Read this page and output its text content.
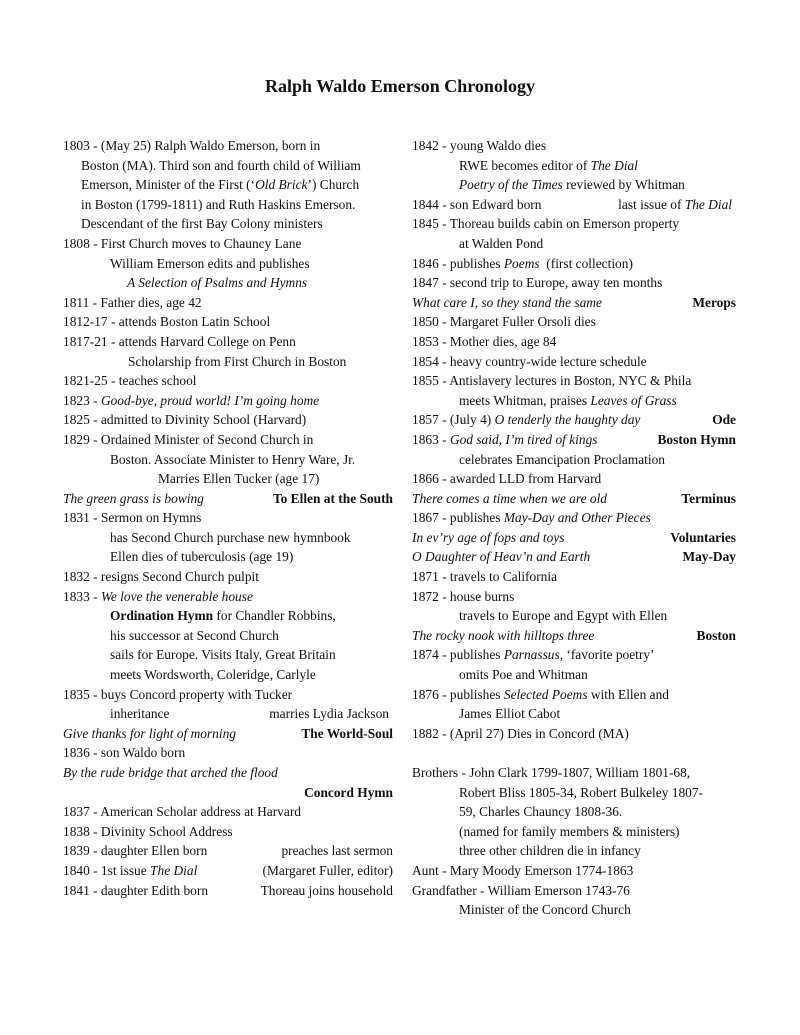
Ralph Waldo Emerson Chronology
1803 - (May 25) Ralph Waldo Emerson, born in
Boston (MA). Third son and fourth child of William
Emerson, Minister of the First (‘Old Brick’) Church
in Boston (1799-1811) and Ruth Haskins Emerson.
Descendant of the first Bay Colony ministers
1808 - First Church moves to Chauncy Lane
William Emerson edits and publishes
A Selection of Psalms and Hymns
1811 - Father dies, age 42
1812-17 - attends Boston Latin School
1817-21 - attends Harvard College on Penn
Scholarship from First Church in Boston
1821-25 - teaches school
1823 - Good-bye, proud world! I’m going home
1825 - admitted to Divinity School (Harvard)
1829 - Ordained Minister of Second Church in
Boston. Associate Minister to Henry Ware, Jr.
Marries Ellen Tucker (age 17)
The green grass is bowing	To Ellen at the South
1831 - Sermon on Hymns
has Second Church purchase new hymnbook
Ellen dies of tuberculosis (age 19)
1832 - resigns Second Church pulpit
1833 - We love the venerable house
Ordination Hymn for Chandler Robbins,
his successor at Second Church
sails for Europe. Visits Italy, Great Britain
meets Wordsworth, Coleridge, Carlyle
1835 - buys Concord property with Tucker
inheritance	marries Lydia Jackson
Give thanks for light of morning	The World-Soul
1836 - son Waldo born
By the rude bridge that arched the flood
Concord Hymn
1837 - American Scholar address at Harvard
1838 - Divinity School Address
1839 - daughter Ellen born	preaches last sermon
1840 - 1st issue The Dial	(Margaret Fuller, editor)
1841 - daughter Edith born	Thoreau joins household
1842 - young Waldo dies
RWE becomes editor of The Dial
Poetry of the Times reviewed by Whitman
1844 - son Edward born	last issue of The Dial
1845 - Thoreau builds cabin on Emerson property
at Walden Pond
1846 - publishes Poems  (first collection)
1847 - second trip to Europe, away ten months
What care I, so they stand the same	Merops
1850 - Margaret Fuller Orsoli dies
1853 - Mother dies, age 84
1854 - heavy country-wide lecture schedule
1855 - Antislavery lectures in Boston, NYC & Phila
meets Whitman, praises Leaves of Grass
1857 - (July 4) O tenderly the haughty day	Ode
1863 - God said, I’m tired of kings	Boston Hymn
celebrates Emancipation Proclamation
1866 - awarded LLD from Harvard
There comes a time when we are old	Terminus
1867 - publishes May-Day and Other Pieces
In ev’ry age of fops and toys	Voluntaries
O Daughter of Heav’n and Earth	May-Day
1871 - travels to California
1872 - house burns
travels to Europe and Egypt with Ellen
The rocky nook with hilltops three	Boston
1874 - publishes Parnassus, ‘favorite poetry’
omits Poe and Whitman
1876 - publishes Selected Poems with Ellen and
James Elliot Cabot
1882 - (April 27) Dies in Concord (MA)
Brothers - John Clark 1799-1807, William 1801-68,
Robert Bliss 1805-34, Robert Bulkeley 1807-
59, Charles Chauncy 1808-36.
(named for family members & ministers)
three other children die in infancy
Aunt - Mary Moody Emerson 1774-1863
Grandfather - William Emerson 1743-76
Minister of the Concord Church
